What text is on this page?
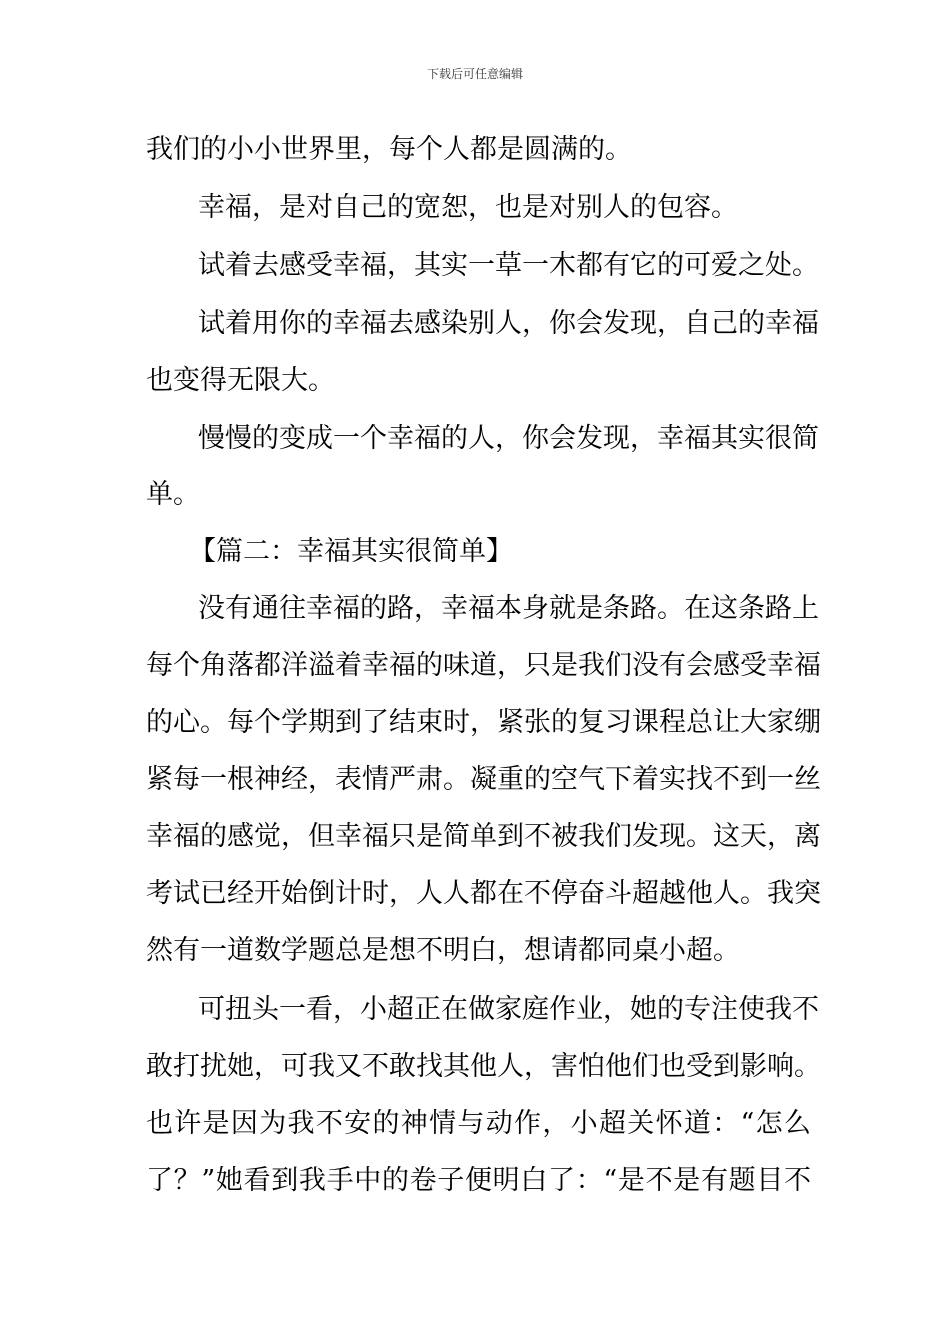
下载后可任意编辑
我们的小小世界里，每个人都是圆满的。
幸福，是对自己的宽恕，也是对别人的包容。
试着去感受幸福，其实一草一木都有它的可爱之处。
试着用你的幸福去感染别人，你会发现，自己的幸福
也变得无限大。
慢慢的变成一个幸福的人，你会发现，幸福其实很简
单。
【篇二：幸福其实很简单】
没有通往幸福的路，幸福本身就是条路。在这条路上
每个角落都洋溢着幸福的味道，只是我们没有会感受幸福
的心。每个学期到了结束时，紧张的复习课程总让大家绷
紧每一根神经，表情严肃。凝重的空气下着实找不到一丝
幸福的感觉，但幸福只是简单到不被我们发现。这天，离
考试已经开始倒计时，人人都在不停奋斗超越他人。我突
然有一道数学题总是想不明白，想请都同桌小超。
可扭头一看，小超正在做家庭作业，她的专注使我不
敢打扰她，可我又不敢找其他人，害怕他们也受到影响。
也许是因为我不安的神情与动作，小超关怀道：“怎么
了？”她看到我手中的卷子便明白了：“是不是有题目不
